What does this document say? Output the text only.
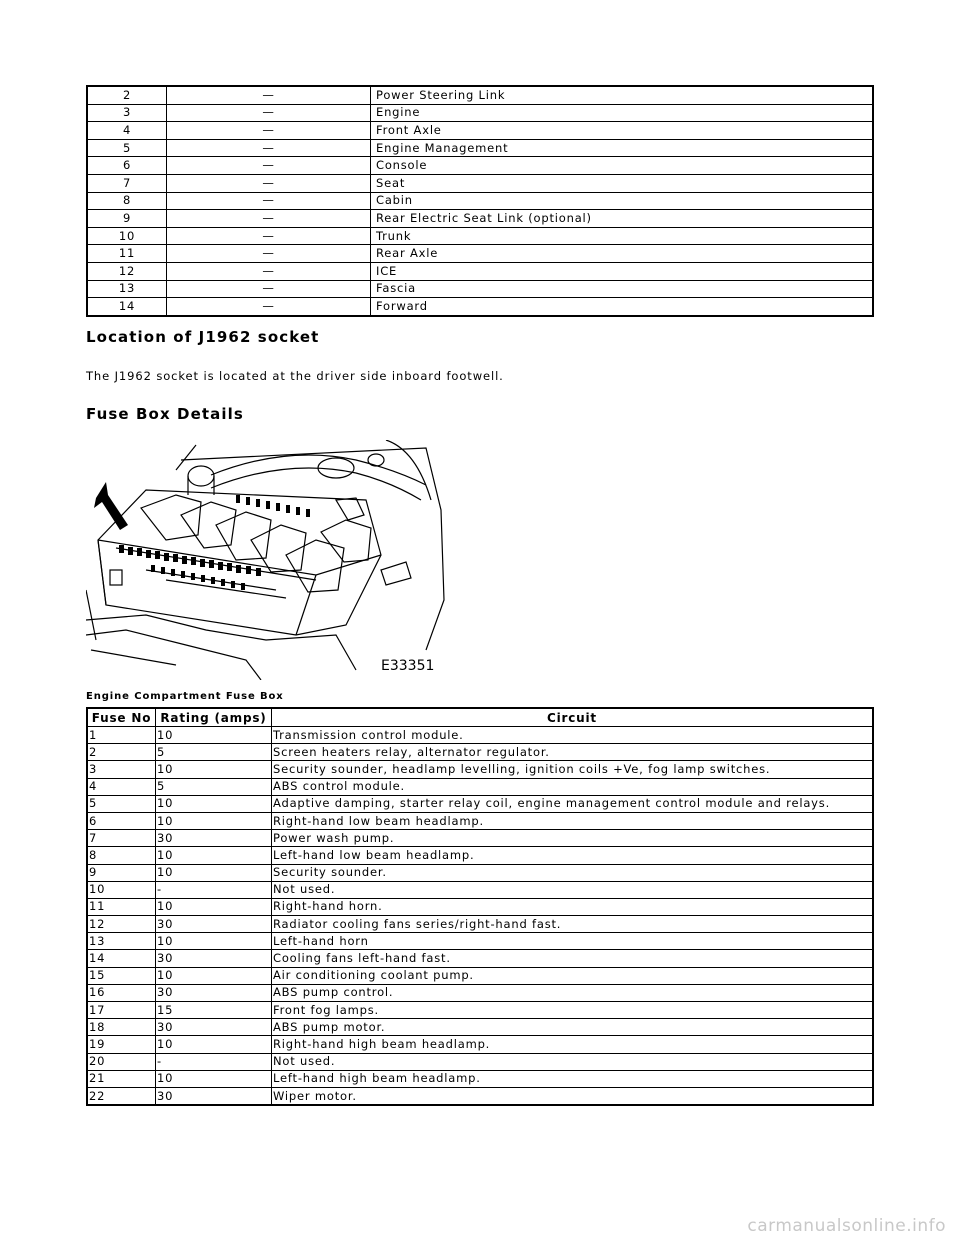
2	—	Power Steering Link
3	—	Engine
4	—	Front Axle
5	—	Engine Management
6	—	Console
7	—	Seat
8	—	Cabin
9	—	Rear Electric Seat Link (optional)
10	—	Trunk
11	—	Rear Axle
12	—	ICE
13	—	Fascia
14	—	Forward
Location of J1962 socket

The J1962 socket is located at the driver side inboard footwell.

Fuse Box Details
E33351

Engine Compartment Fuse Box

Fuse No	Rating (amps)	Circuit
1	10	Transmission control module.
2	5	Screen heaters relay, alternator regulator.
3	10	Security sounder, headlamp levelling, ignition coils +Ve, fog lamp switches.
4	5	ABS control module.
5	10	Adaptive damping, starter relay coil, engine management control module and relays.
6	10	Right-hand low beam headlamp.
7	30	Power wash pump.
8	10	Left-hand low beam headlamp.
9	10	Security sounder.
10	-	Not used.
11	10	Right-hand horn.
12	30	Radiator cooling fans series/right-hand fast.
13	10	Left-hand horn
14	30	Cooling fans left-hand fast.
15	10	Air conditioning coolant pump.
16	30	ABS pump control.
17	15	Front fog lamps.
18	30	ABS pump motor.
19	10	Right-hand high beam headlamp.
20	-	Not used.
21	10	Left-hand high beam headlamp.
22	30	Wiper motor.
carmanualsonline.info
